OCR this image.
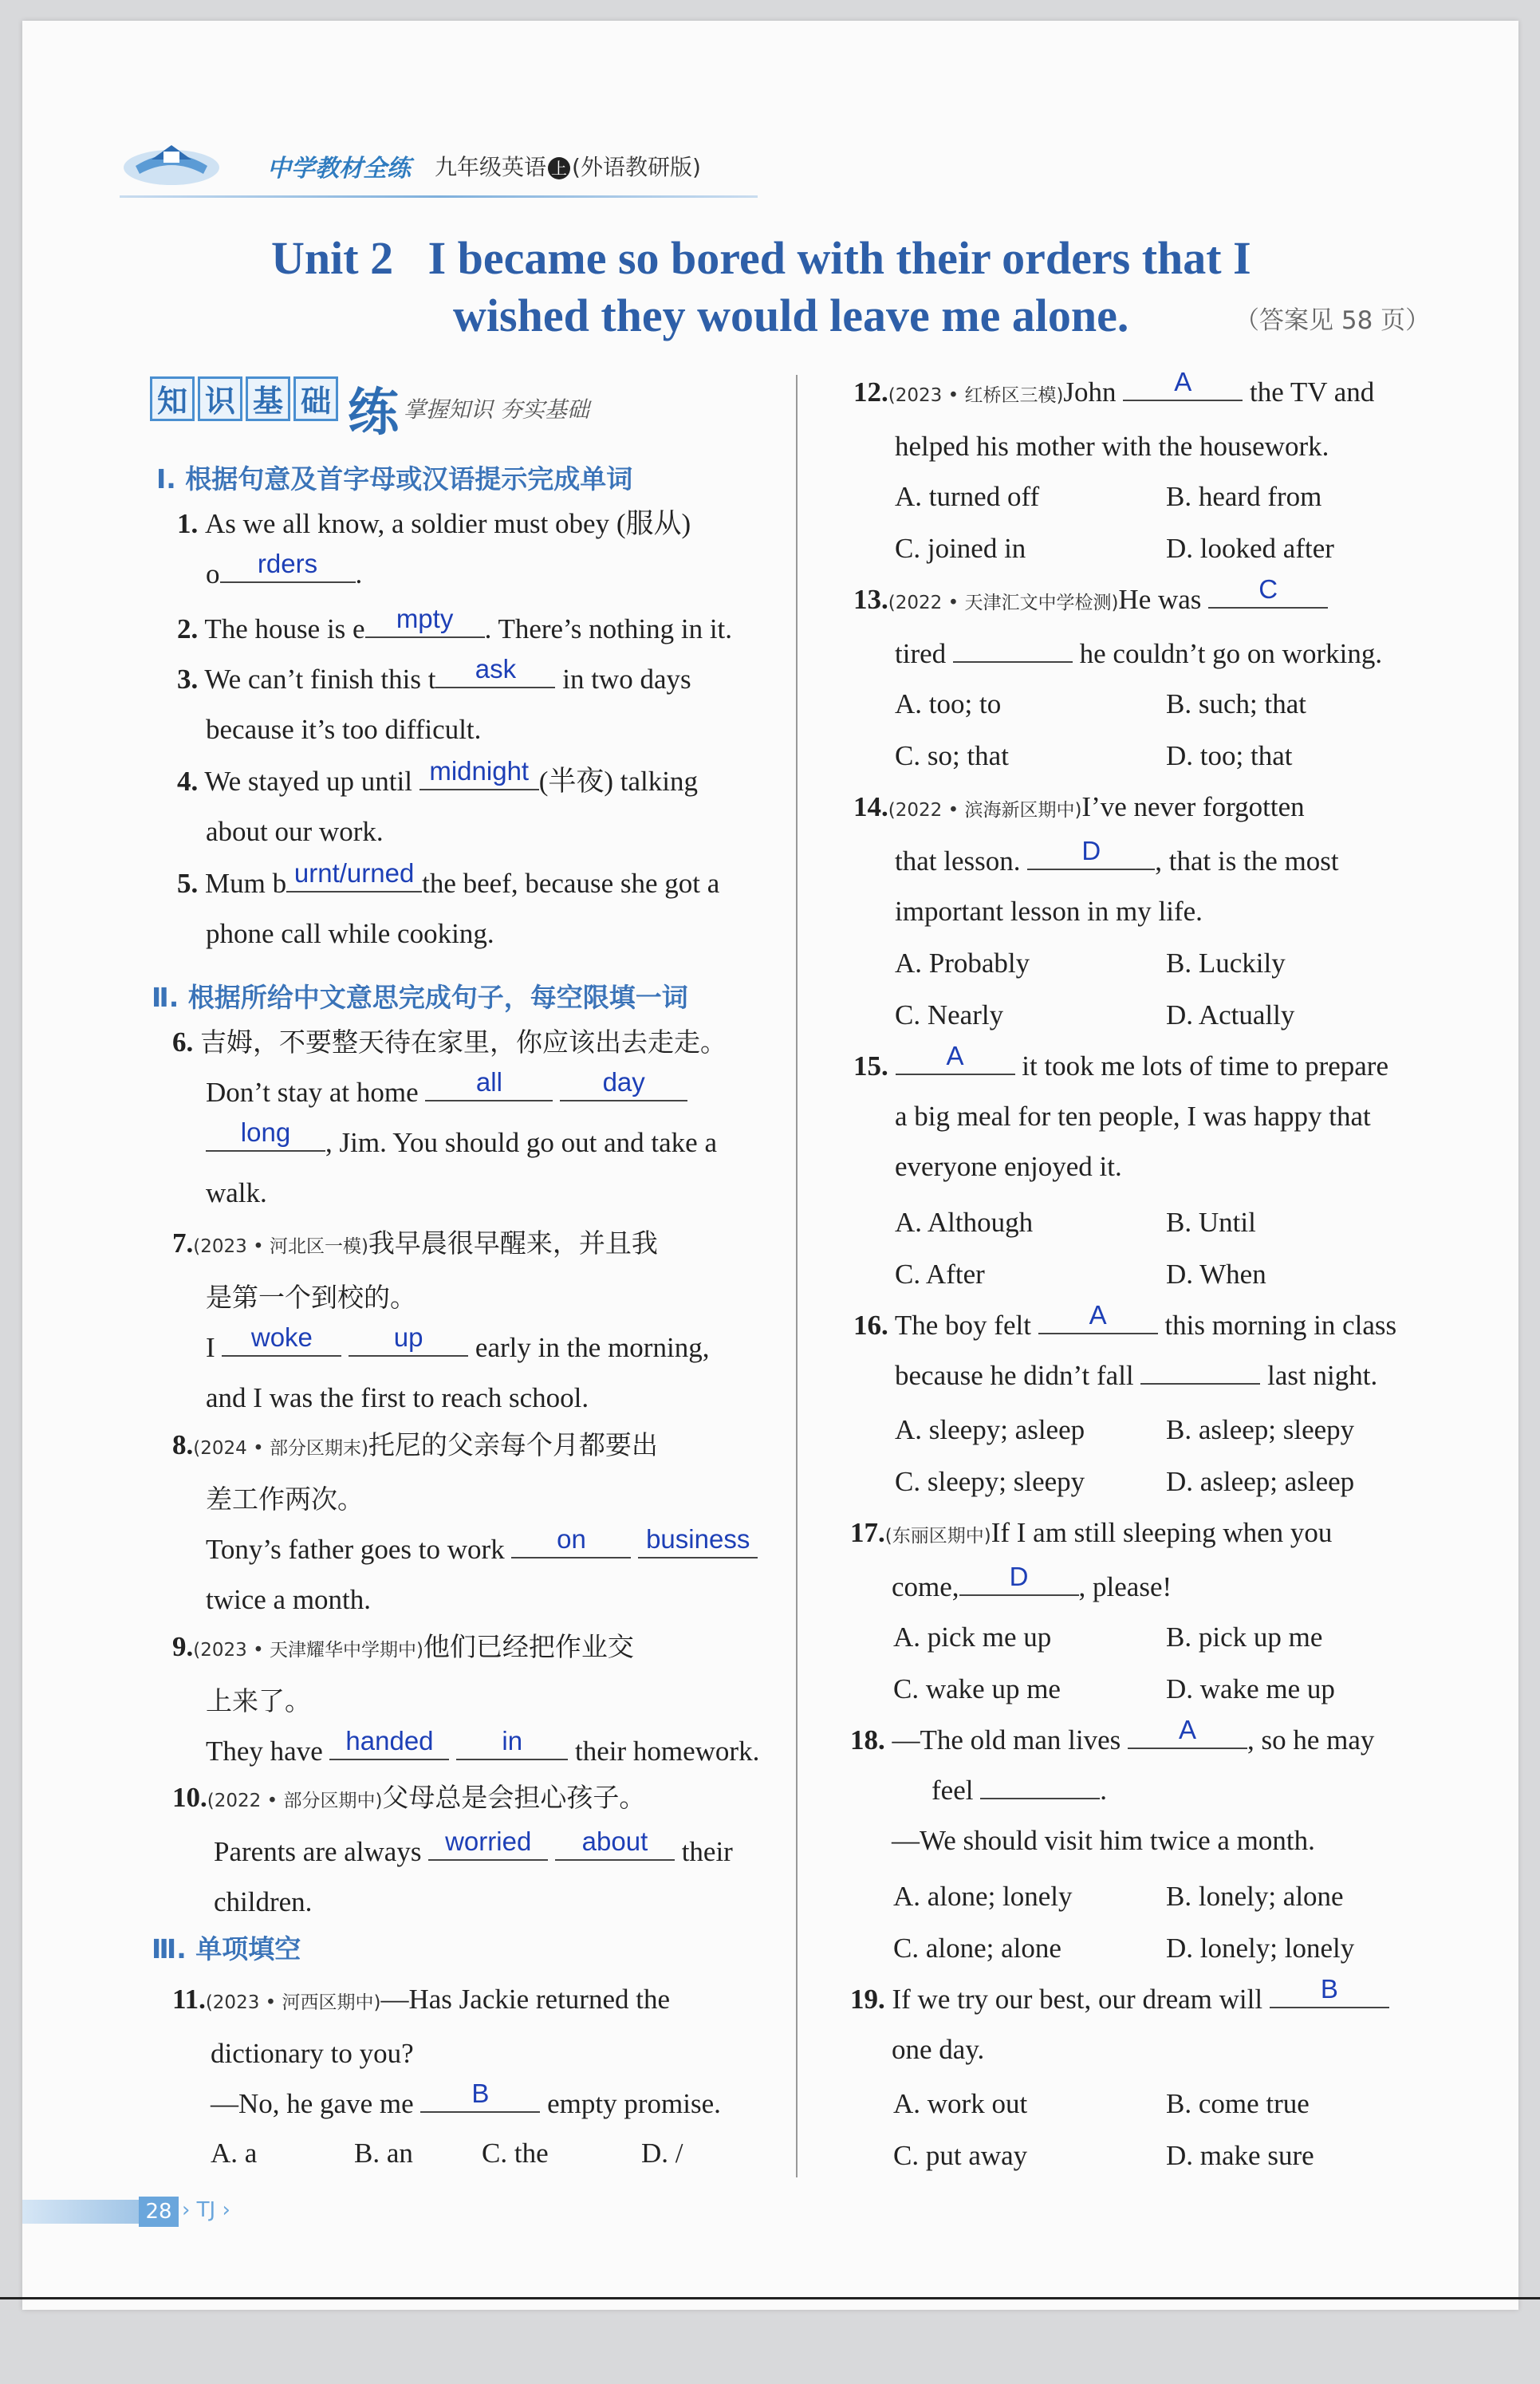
中学教材全练 九年级英语 上 (外语教研版)
Unit 2   I became so bored with their orders that I
wished they would leave me alone.	（答案见 58 页）
知 识 基 础 练 掌握知识 夯实基础
Ⅰ. 根据句意及首字母或汉语提示完成单词
1. As we all know, a soldier must obey (服从)
o	rders	.
2. The house is e	mpty	. There’s nothing in it.
3. We can’t finish this t	ask	in two days
because it’s too difficult.
4. We stayed up until midnight (半夜) talking
about our work.
5. Mum b urnt/urned the beef, because she got a
phone call while cooking.
Ⅱ. 根据所给中文意思完成句子，每空限填一词
6. 吉姆，不要整天待在家里，你应该出去走走。
Don’t stay at home	all
	day

long	, Jim. You should go out and take a
walk.
7.(2023 • 河北区一模)我早晨很早醒来，并且我
是第一个到校的。
I	woke
	up	early in the morning,
and I was the first to reach school.
8.(2024 • 部分区期末)托尼的父亲每个月都要出
差工作两次。
Tony’s father goes to work	on
	business

twice a month.
9.(2023 • 天津耀华中学期中)他们已经把作业交
上来了。
They have handed
	in	their homework.
10.(2022 • 部分区期中)父母总是会担心孩子。
Parents are always worried
	about	their
children.
Ⅲ. 单项填空
11.(2023 • 河西区期中)—Has Jackie returned the
dictionary to you?
—No, he gave me	B	empty promise.
A. a	B. an C. the	D. /
12.(2023 • 红桥区三模)John	A	the TV and
helped his mother with the housework.
A. turned off	B. heard from
C. joined in	D. looked after
13.(2022 • 天津汇文中学检测)He was	C

tired	he couldn’t go on working.
A. too; to	B. such; that
C. so; that	D. too; that
14.(2022 • 滨海新区期中)I’ve never forgotten
that lesson.	D	, that is the most
important lesson in my life.
A. Probably	B. Luckily
C. Nearly	D. Actually
15.	A	it took me lots of time to prepare
a big meal for ten people, I was happy that
everyone enjoyed it.
A. Although	B. Until
C. After	D. When
16. The boy felt	A	this morning in class
because he didn’t fall	last night.
A. sleepy; asleep	B. asleep; sleepy
C. sleepy; sleepy	D. asleep; asleep
17.(东丽区期中)If I am still sleeping when you
come,	D	, please!
A. pick me up	B. pick up me
C. wake up me	D. wake me up
18. —The old man lives	A	, so he may
feel	.
—We should visit him twice a month.
A. alone; lonely	B. lonely; alone
C. alone; alone	D. lonely; lonely
19. If we try our best, our dream will	B

one day.
A. work out	B. come true
C. put away	D. make sure
28 › TJ ›
